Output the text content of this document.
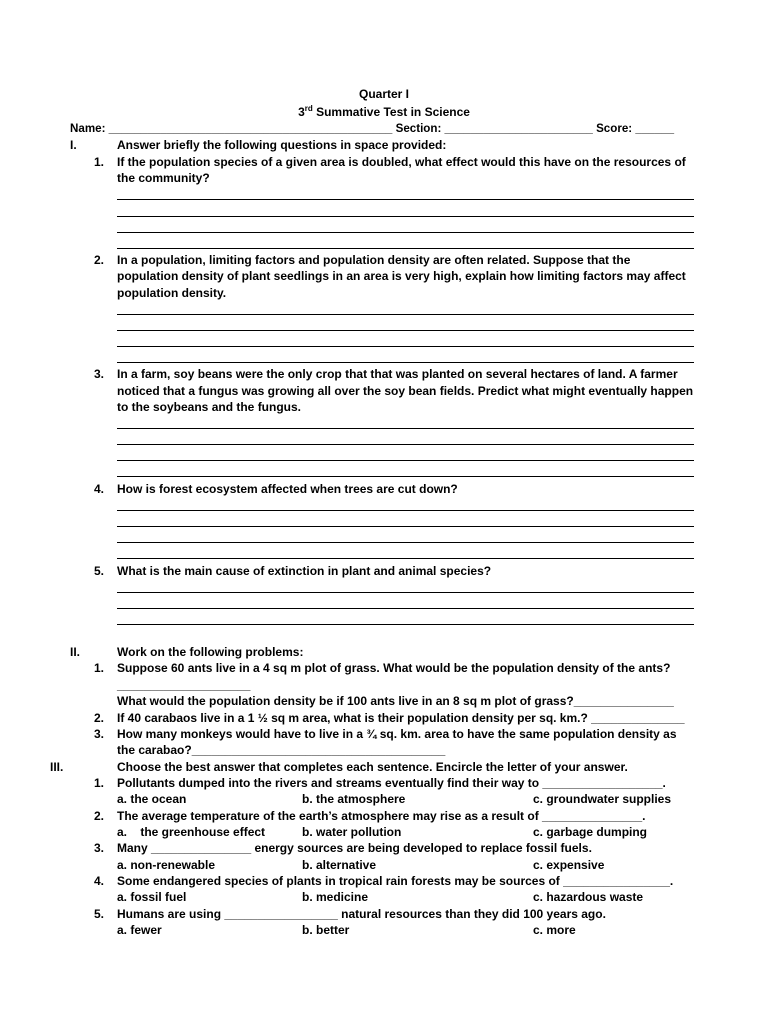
Quarter I
3rd Summative Test in Science
Name: ____________________________________________ Section: _______________________ Score: ______
I.	Answer briefly the following questions in space provided:
1. If the population species of a given area is doubled, what effect would this have on the resources of
the community?
2. In a population, limiting factors and population density are often related. Suppose that the
population density of plant seedlings in an area is very high, explain how limiting factors may affect
population density.
3. In a farm, soy beans were the only crop that that was planted on several hectares of land. A farmer
noticed that a fungus was growing all over the soy bean fields. Predict what might eventually happen
to the soybeans and the fungus.
4. How is forest ecosystem affected when trees are cut down?
5. What is the main cause of extinction in plant and animal species?
II.	Work on the following problems:
1. Suppose 60 ants live in a 4 sq m plot of grass. What would be the population density of the ants?
____________________
What would the population density be if 100 ants live in an 8 sq m plot of grass?_______________
2. If 40 carabaos live in a 1 ½ sq m area, what is their population density per sq. km.? ______________
3. How many monkeys would have to live in a ¾ sq. km. area to have the same population density as
the carabao?______________________________________
III.	Choose the best answer that completes each sentence. Encircle the letter of your answer.
1. Pollutants dumped into the rivers and streams eventually find their way to __________________.
a. the ocean	b. the atmosphere	c. groundwater supplies
2. The average temperature of the earth’s atmosphere may rise as a result of _______________.
a.    the greenhouse effect	b. water pollution	c. garbage dumping
3. Many _______________ energy sources are being developed to replace fossil fuels.
a. non-renewable	b. alternative	c. expensive
4. Some endangered species of plants in tropical rain forests may be sources of ________________.
a. fossil fuel	b. medicine	c. hazardous waste
5. Humans are using _________________ natural resources than they did 100 years ago.
a. fewer	b. better	c. more
